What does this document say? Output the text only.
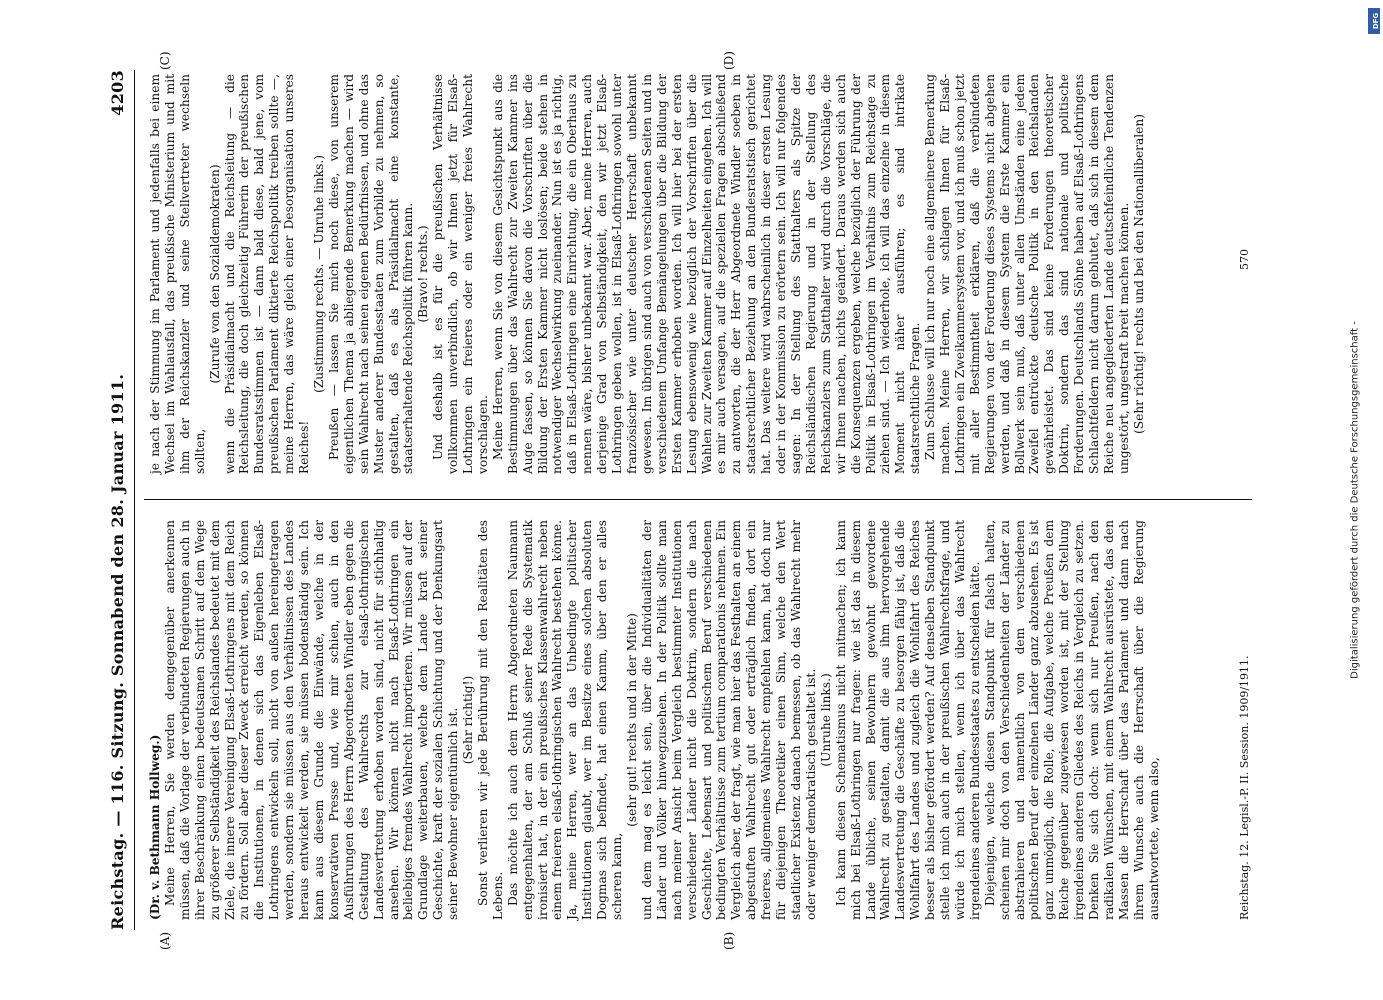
Reichstag. — 116. Sitzung. Sonnabend den 28. Januar 1911.
4203
(A)	(B)
(C)	(D)

(Dr. v. Bethmann Hollweg.) Meine Herren, Sie werden demgegenüber anerkennen müssen, daß die Vorlage der verbündeten Regierungen auch in ihrer Beschränkung einen bedeutsamen Schritt auf dem Wege zu größerer Selbständigkeit des Reichslandes bedeutet mit dem Ziele, die innere Vereinigung Elsaß-Lothringens mit dem Reich zu fördern. Soll aber dieser Zweck erreicht werden, so können die Institutionen, in denen sich das Eigenleben Elsaß-Lothringens entwickeln soll, nicht von außen hereingetragen werden, sondern sie müssen aus den Verhältnissen des Landes heraus entwickelt werden, sie müssen bodenständig sein. Ich kann aus diesem Grunde die Einwände, welche in der konservativen Presse und, wie mir schien, auch in den Ausführungen des Herrn Abgeordneten Windler eben gegen die Gestaltung des Wahlrechts zur elsaß-lothringischen Landesvertretung erhoben worden sind, nicht für stichhaltig ansehen. Wir können nicht nach Elsaß-Lothringen ein beliebiges fremdes Wahlrecht importieren. Wir müssen auf der Grundlage weiterbauen, welche dem Lande kraft seiner Geschichte, kraft der sozialen Schichtung und der Denkungsart seiner Bewohner eigentümlich ist. (Sehr richtig!) Sonst verlieren wir jede Berührung mit den Realitäten des Lebens. Das möchte ich auch dem Herrn Abgeordneten Naumann entgegenhalten, der am Schluß seiner Rede die Systematik ironisiert hat, in der ein preußisches Klassenwahlrecht neben einem freieren elsaß-lothringischen Wahlrecht bestehen könne. Ja, meine Herren, wer an das Unbedingte politischer Institutionen glaubt, wer im Besitze eines solchen absoluten Dogmas sich befindet, hat einen Kamm, über den er alles scheren kann,

(sehr gut! rechts und in der Mitte) und dem mag es leicht sein, über die Individualitäten der Länder und Völker hinwegzusehen. In der Politik sollte man nach meiner Ansicht beim Vergleich bestimmter Institutionen verschiedener Länder nicht die Doktrin, sondern die nach Geschichte, Lebensart und politischem Beruf verschiedenen bedingten Verhältnisse zum tertium comparationis nehmen. Ein Vergleich aber, der fragt, wie man hier das Festhalten an einem abgestuften Wahlrecht gut oder erträglich finden, dort ein freieres, allgemeines Wahlrecht empfehlen kann, hat doch nur für diejenigen Theoretiker einen Sinn, welche den Wert staatlicher Existenz danach bemessen, ob das Wahlrecht mehr oder weniger demokratisch gestaltet ist. (Unruhe links.) Ich kann diesen Schematismus nicht mitmachen; ich kann mich bei Elsaß-Lothringen nur fragen: wie ist das in diesem Lande übliche, seinen Bewohnern gewohnt gewordene Wahlrecht zu gestalten, damit die aus ihm hervorgehende Landesvertretung die Geschäfte zu besorgen fähig ist, daß die Wohlfahrt des Landes und zugleich die Wohlfahrt des Reiches besser als bisher gefördert werden? Auf denselben Standpunkt stelle ich mich auch in der preußischen Wahlrechtsfrage, und würde ich mich stellen, wenn ich über das Wahlrecht irgendeines anderen Bundesstaates zu entscheiden hätte. Diejenigen, welche diesen Standpunkt für falsch halten, scheinen mir doch von den Verschiedenheiten der Länder zu abstrahieren und namentlich von dem verschiedenen politischen Beruf der einzelnen Länder ganz abzusehen. Es ist ganz unmöglich, die Rolle, die Aufgabe, welche Preußen dem Reiche gegenüber zugewiesen worden ist, mit der Stellung irgendeines anderen Gliedes des Reichs in Vergleich zu setzen. Denken Sie sich doch: wenn sich nur Preußen, nach den radikalen Wünschen, mit einem Wahlrecht ausrüstete, das den Massen die Herrschaft über das Parlament und dann nach ihrem Wunsche auch die Herrschaft über die Regierung ausantwortete, wenn also,

je nach der Stimmung im Parlament und jedenfalls bei einem Wechsel im Wahlausfall, das preußische Ministerium und mit ihm der Reichskanzler und seine Stellvertreter wechseln sollten,

(Zurufe von den Sozialdemokraten) wenn die Präsidialmacht und die Reichsleitung — die Reichsleitung, die doch gleichzeitig Führerin der preußischen Bundesratsstimmen ist — dann bald diese, bald jene, vom preußischen Parlament diktierte Reichspolitik treiben sollte —, meine Herren, das wäre gleich einer Desorganisation unseres Reiches!

(Zustimmung rechts. — Unruhe links.) Preußen — lassen Sie mich noch diese, von unserem eigentlichen Thema ja abliegende Bemerkung machen — wird sein Wahlrecht nach seinen eigenen Bedürfnissen, und ohne das Muster anderer Bundesstaaten zum Vorbilde zu nehmen, so gestalten, daß es als Präsidialmacht eine konstante, staatserhaltende Reichspolitik führen kann. (Bravo! rechts.) Und deshalb ist es für die preußischen Verhältnisse vollkommen unverbindlich, ob wir Ihnen jetzt für Elsaß-Lothringen ein freieres oder ein weniger freies Wahlrecht vorschlagen. Meine Herren, wenn Sie von diesem Gesichtspunkt aus die Bestimmungen über das Wahlrecht zur Zweiten Kammer ins Auge fassen, so können Sie davon die Vorschriften über die Bildung der Ersten Kammer nicht loslösen; beide stehen in notwendiger Wechselwirkung zueinander. Nun ist es ja richtig, daß in Elsaß-Lothringen eine Einrichtung, die ein Oberhaus zu nennen wäre, bisher unbekannt war. Aber, meine Herren, auch derjenige Grad von Selbständigkeit, den wir jetzt Elsaß-Lothringen geben wollen, ist in Elsaß-Lothringen sowohl unter französischer wie unter deutscher Herrschaft unbekannt gewesen. Im übrigen sind auch von verschiedenen Seiten und in verschiedenem Umfange Bemängelungen über die Bildung der Ersten Kammer erhoben worden. Ich will hier bei der ersten Lesung ebensowenig wie bezüglich der Vorschriften über die Wahlen zur Zweiten Kammer auf Einzelheiten eingehen. Ich will es mir auch versagen, auf die speziellen Fragen abschließend zu antworten, die der Herr Abgeordnete Windler soeben in staatsrechtlicher Beziehung an den Bundesratstisch gerichtet hat. Das weitere wird wahrscheinlich in dieser ersten Lesung oder in der Kommission zu erörtern sein. Ich will nur folgendes sagen: In der Stellung des Statthalters als Spitze der Reichsländischen Regierung und in der Stellung des Reichskanzlers zum Statthalter wird durch die Vorschläge, die wir Ihnen machen, nichts geändert. Daraus werden sich auch die Konsequenzen ergeben, welche bezüglich der Führung der Politik in Elsaß-Lothringen im Verhältnis zum Reichstage zu ziehen sind. — Ich wiederhole, ich will das einzelne in diesem Moment nicht näher ausführen; es sind intrikate staatsrechtliche Fragen. Zum Schlusse will ich nur noch eine allgemeinere Bemerkung machen. Meine Herren, wir schlagen Ihnen für Elsaß-Lothringen ein Zweikammersystem vor, und ich muß schon jetzt mit aller Bestimmtheit erklären, daß die verbündeten Regierungen von der Forderung dieses Systems nicht abgehen werden, und daß in diesem System die Erste Kammer ein Bollwerk sein muß, daß unter allen Umständen eine jedem Zweifel entrückte deutsche Politik in den Reichslanden gewährleistet. Das sind keine Forderungen theoretischer Doktrin, sondern das sind nationale und politische Forderungen. Deutschlands Söhne haben auf Elsaß-Lothringens Schlachtfeldern nicht darum geblutet, daß sich in diesem dem Reiche neu angegliederten Lande deutschfeindliche Tendenzen ungestört, ungestraft breit machen können. (Sehr richtig! rechts und bei den Nationalliberalen)

Reichstag. 12. Legisl.-P. II. Session. 1909/1911.
570
Digitalisierung gefördert durch die Deutsche Forschungsgemeinschaft -
DFG
